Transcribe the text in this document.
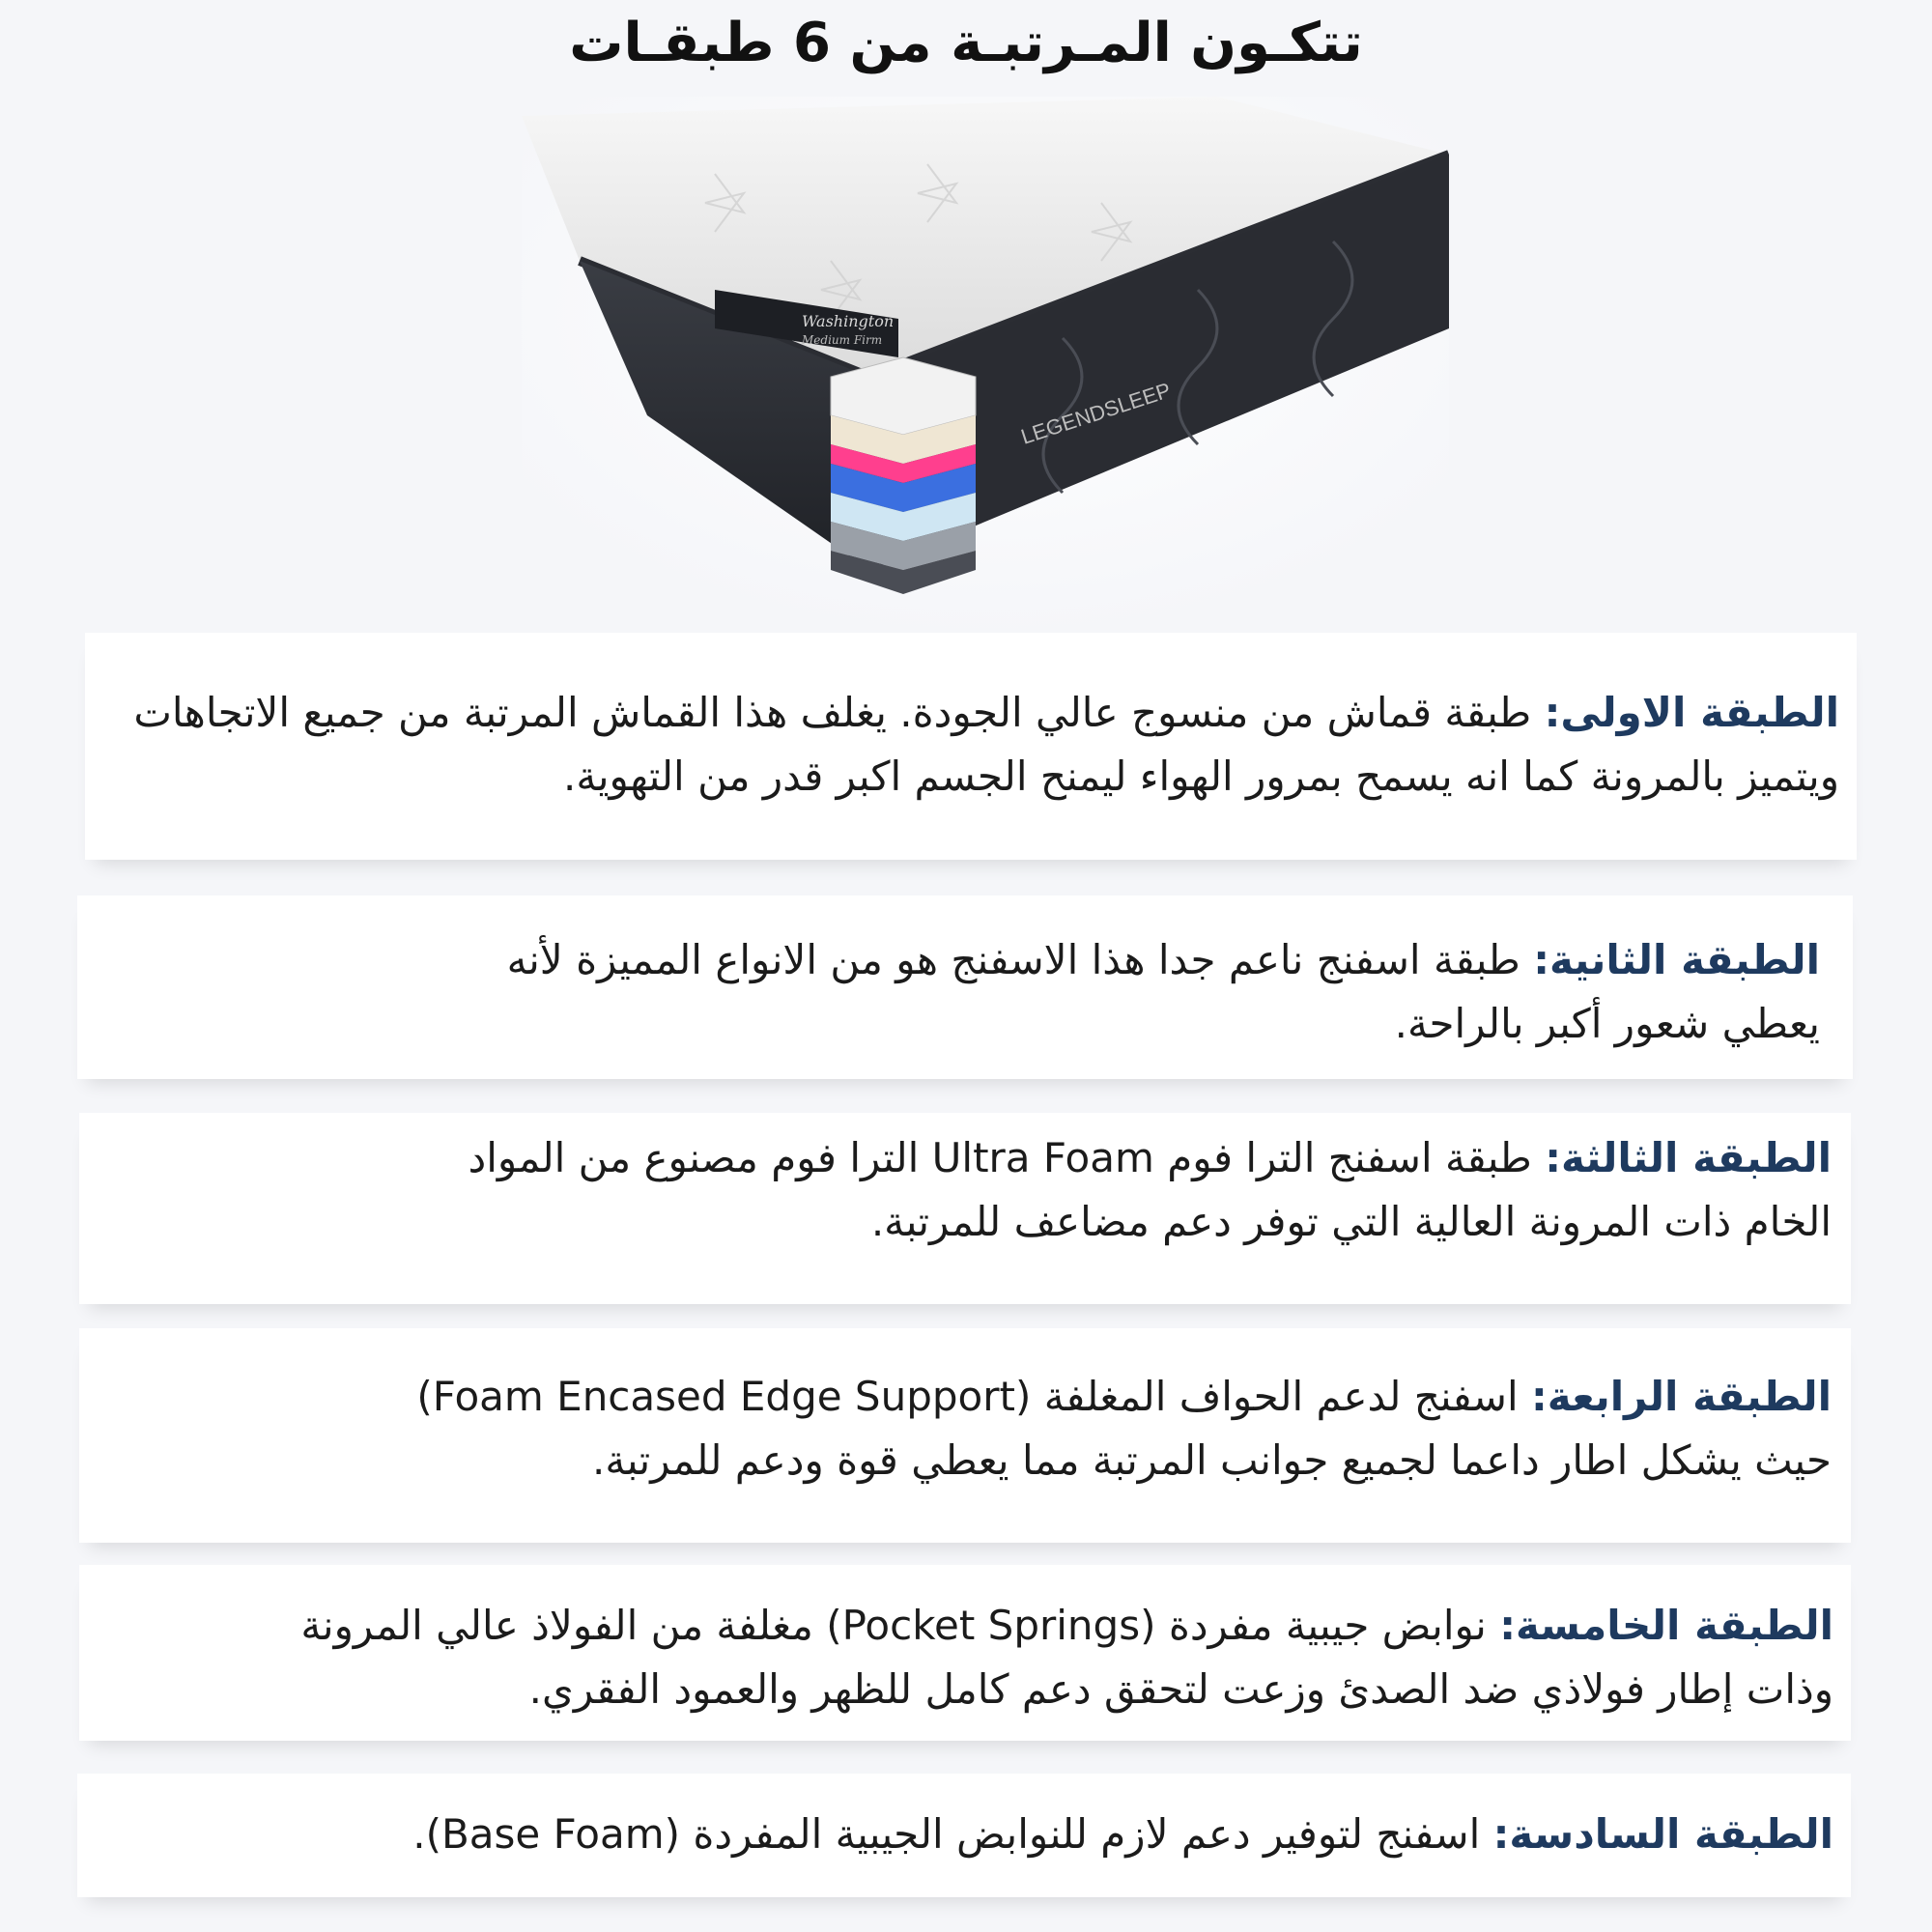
تتكـون المـرتبـة من 6 طبقـات
Washington
Medium Firm
LEGENDSLEEP

الطبقة الاولى: طبقة قماش من منسوج عالي الجودة. يغلف هذا القماش المرتبة من جميع الاتجاهات ويتميز بالمرونة كما انه يسمح بمرور الهواء ليمنح الجسم اكبر قدر من التهوية.

الطبقة الثانية: طبقة اسفنج ناعم جدا هذا الاسفنج هو من الانواع المميزة لأنه يعطي شعور أكبر بالراحة.

الطبقة الثالثة: طبقة اسفنج الترا فوم Ultra Foam الترا فوم مصنوع من المواد الخام ذات المرونة العالية التي توفر دعم مضاعف للمرتبة.

الطبقة الرابعة: اسفنج لدعم الحواف المغلفة (Foam Encased Edge Support) حيث يشكل اطار داعما لجميع جوانب المرتبة مما يعطي قوة ودعم للمرتبة.

الطبقة الخامسة: نوابض جيبية مفردة (Pocket Springs) مغلفة من الفولاذ عالي المرونة وذات إطار فولاذي ضد الصدئ وزعت لتحقق دعم كامل للظهر والعمود الفقري.

الطبقة السادسة: اسفنج لتوفير دعم لازم للنوابض الجيبية المفردة (Base Foam).
